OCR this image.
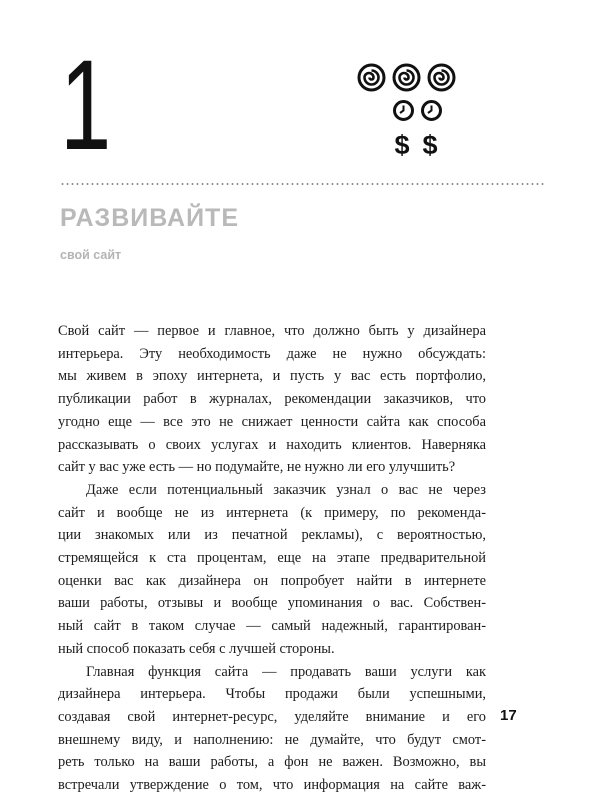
1	$ $
РАЗВИВАЙТЕ
свой сайт

Свой сайт — первое и главное, что должно быть у дизайнера
интерьера. Эту необходимость даже не нужно обсуждать:
мы живем в эпоху интернета, и пусть у вас есть портфолио,
публикации работ в журналах, рекомендации заказчиков, что
угодно еще — все это не снижает ценности сайта как способа
рассказывать о своих услугах и находить клиентов. Наверняка
сайт у вас уже есть — но подумайте, не нужно ли его улучшить?

Даже если потенциальный заказчик узнал о вас не через
сайт и вообще не из интернета (к примеру, по рекоменда-
ции знакомых или из печатной рекламы), с вероятностью,
стремящейся к ста процентам, еще на этапе предварительной
оценки вас как дизайнера он попробует найти в интернете
ваши работы, отзывы и вообще упоминания о вас. Собствен-
ный сайт в таком случае — самый надежный, гарантирован-
ный способ показать себя с лучшей стороны.

Главная функция сайта — продавать ваши услуги как
дизайнера интерьера. Чтобы продажи были успешными,
создавая свой интернет-ресурс, уделяйте внимание и его
внешнему виду, и наполнению: не думайте, что будут смот-
реть только на ваши работы, а фон не важен. Возможно, вы
встречали утверждение о том, что информация на сайте важ-

17
